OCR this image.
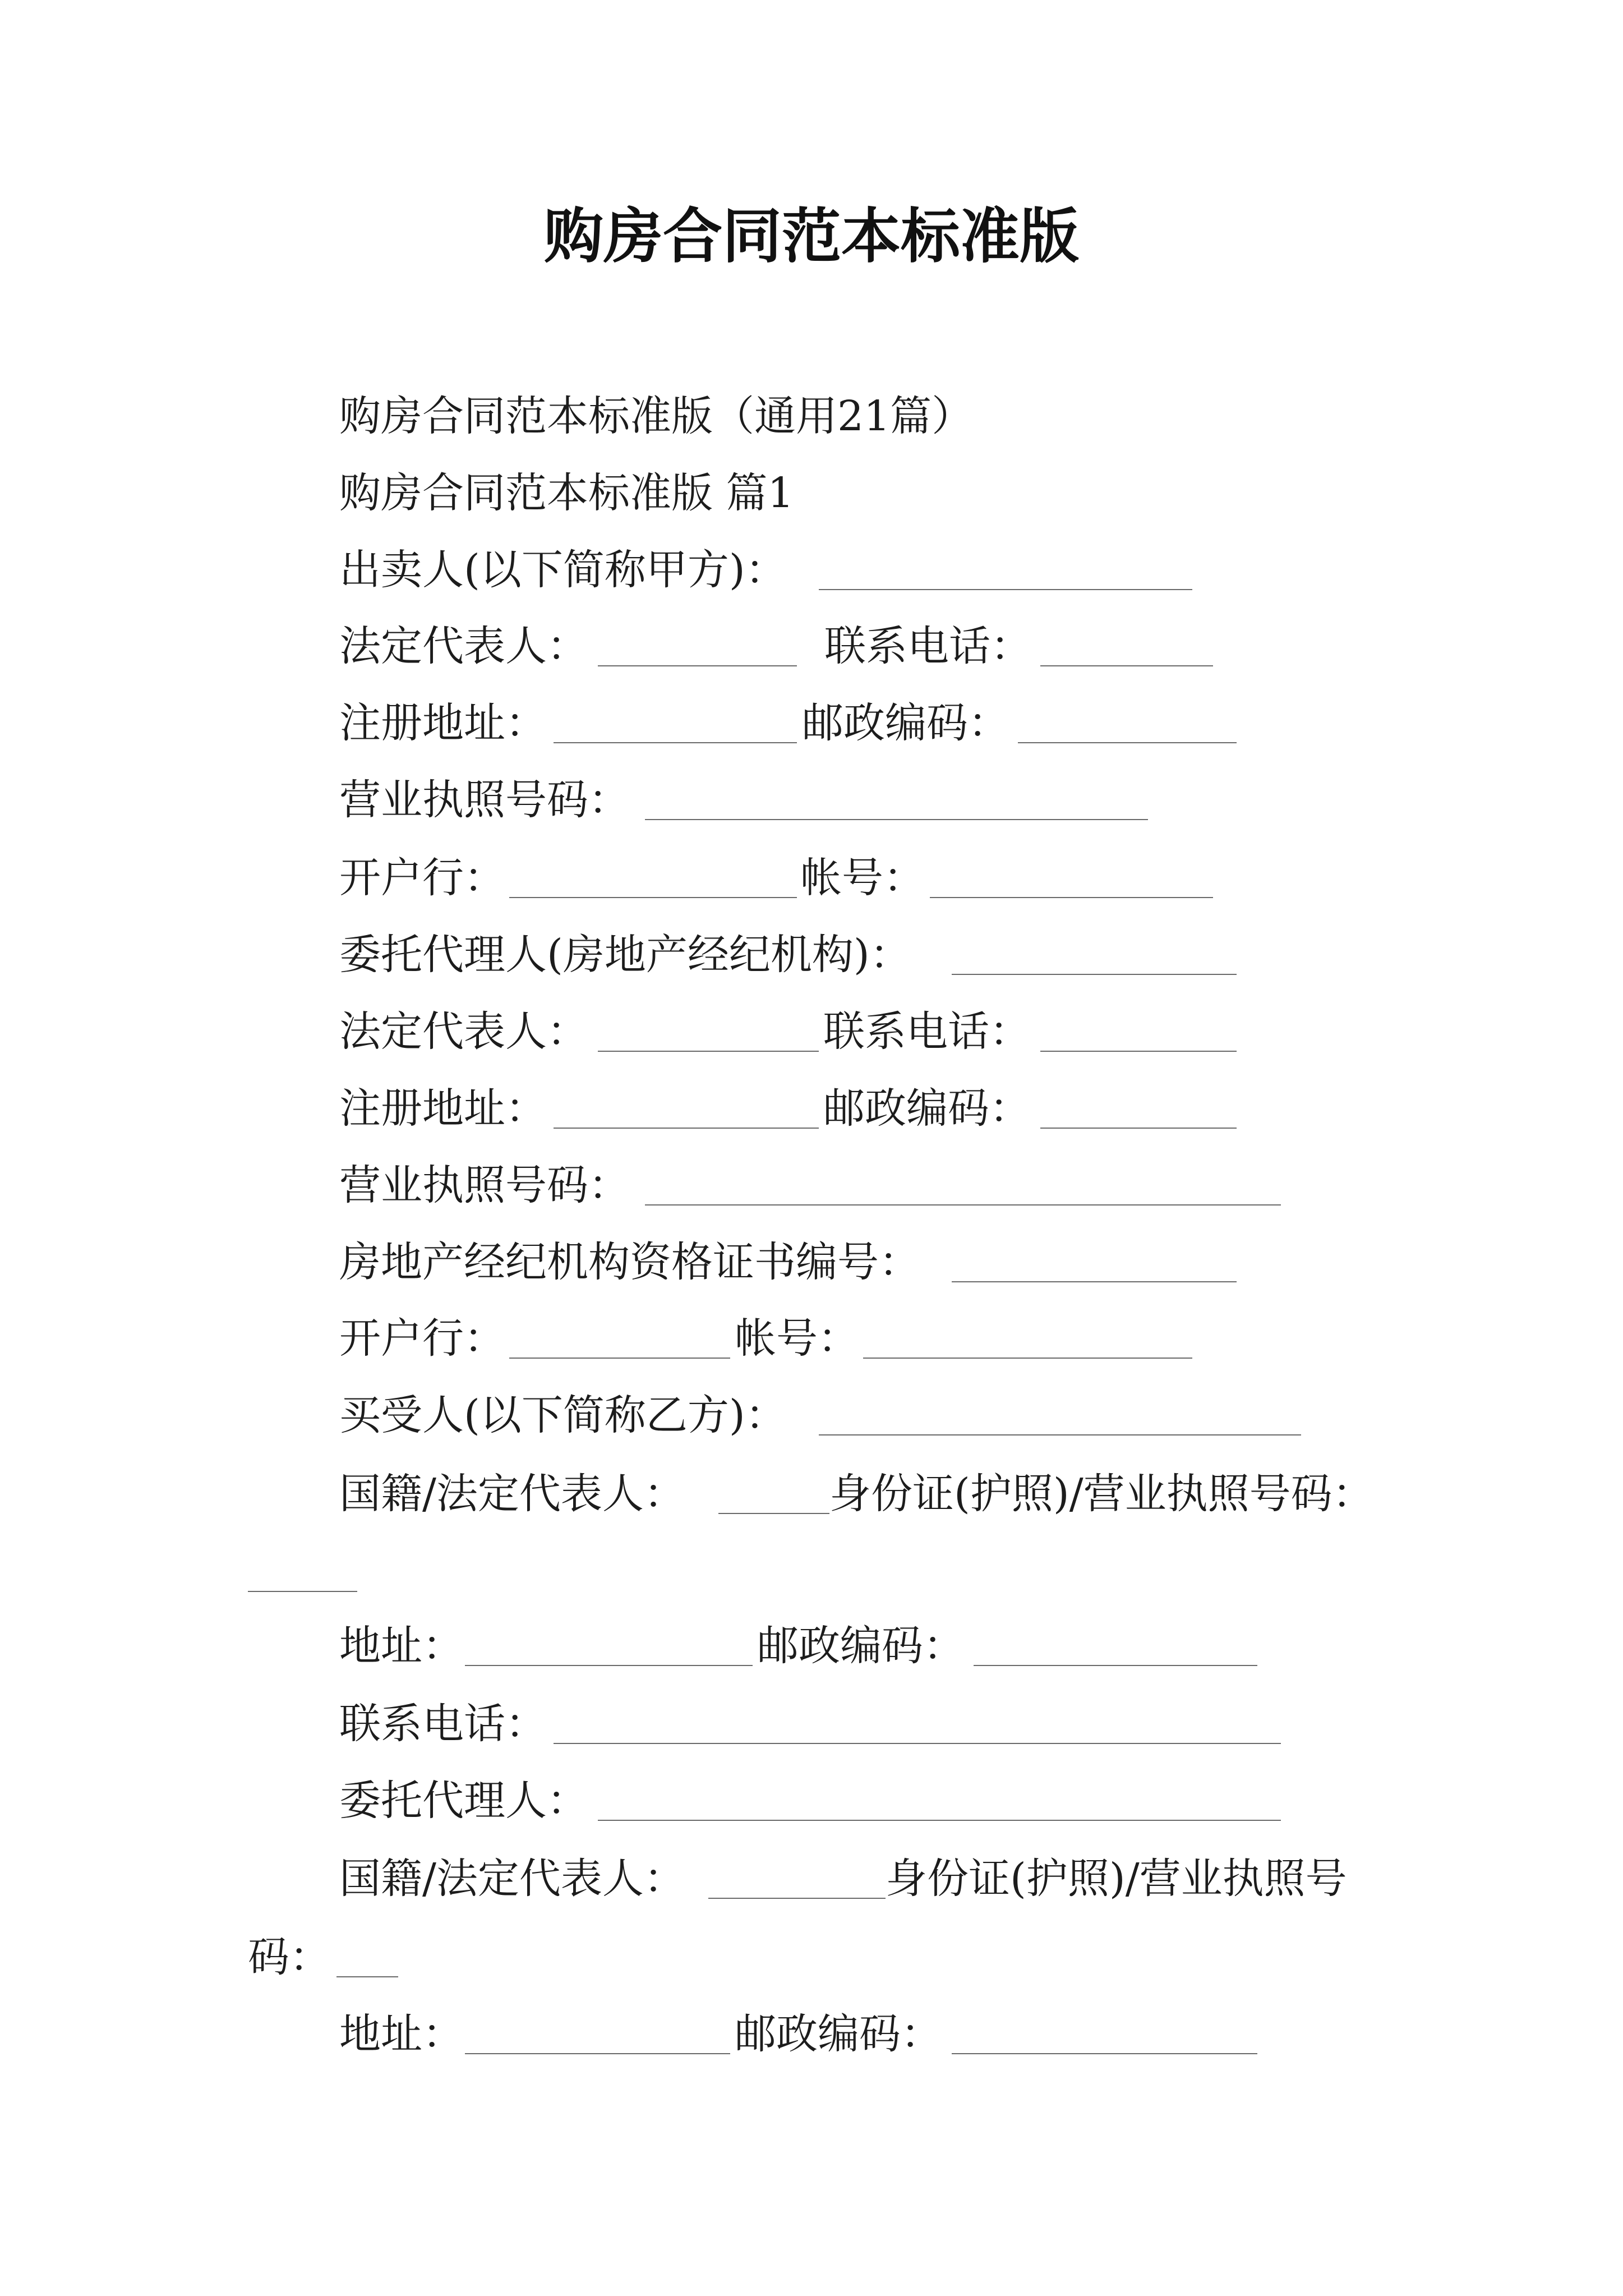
购房合同范本标准版
购房合同范本标准版（通用21篇）
购房合同范本标准版 篇1
出卖人(以下简称甲方)：
法定代表人：	联系电话：
注册地址：	邮政编码：
营业执照号码：
开户行：	帐号：
委托代理人(房地产经纪机构)：
法定代表人：	联系电话：
注册地址：	邮政编码：
营业执照号码：
房地产经纪机构资格证书编号：
开户行：	帐号：
买受人(以下简称乙方)：
国籍/法定代表人：	身份证(护照)/营业执照号码：
地址：	邮政编码：
联系电话：
委托代理人：
国籍/法定代表人：	身份证(护照)/营业执照号
码：
地址：	邮政编码：
